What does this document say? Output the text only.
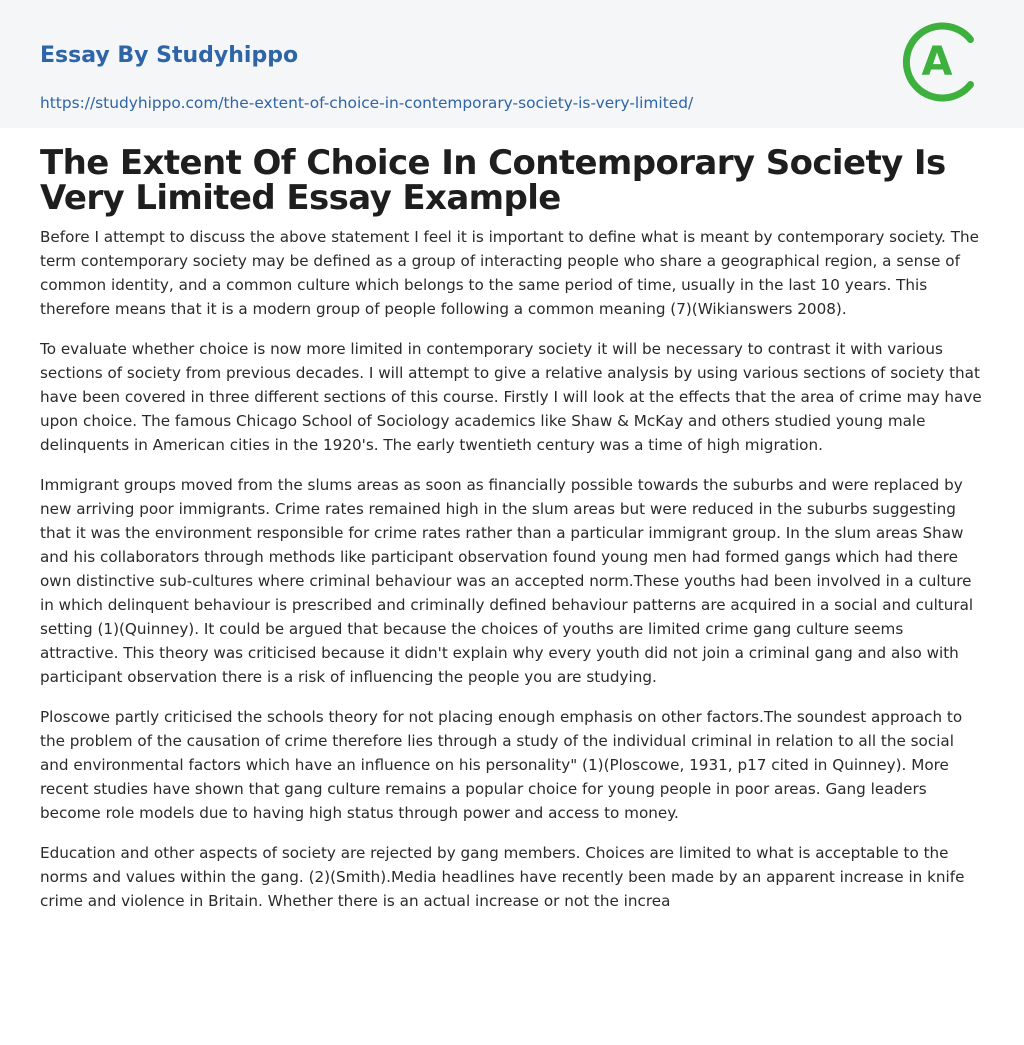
Essay By Studyhippo
https://studyhippo.com/the-extent-of-choice-in-contemporary-society-is-very-limited/
A
The Extent Of Choice In Contemporary Society Is Very Limited Essay Example

Before I attempt to discuss the above statement I feel it is important to define what is meant by contemporary society. The term contemporary society may be defined as a group of interacting people who share a geographical region, a sense of common identity, and a common culture which belongs to the same period of time, usually in the last 10 years. This therefore means that it is a modern group of people following a common meaning (7)(Wikianswers 2008).

To evaluate whether choice is now more limited in contemporary society it will be necessary to contrast it with various sections of society from previous decades. I will attempt to give a relative analysis by using various sections of society that have been covered in three different sections of this course. Firstly I will look at the effects that the area of crime may have upon choice. The famous Chicago School of Sociology academics like Shaw & McKay and others studied young male delinquents in American cities in the 1920's. The early twentieth century was a time of high migration.

Immigrant groups moved from the slums areas as soon as financially possible towards the suburbs and were replaced by new arriving poor immigrants. Crime rates remained high in the slum areas but were reduced in the suburbs suggesting that it was the environment responsible for crime rates rather than a particular immigrant group. In the slum areas Shaw and his collaborators through methods like participant observation found young men had formed gangs which had there own distinctive sub-cultures where criminal behaviour was an accepted norm.These youths had been involved in a culture in which delinquent behaviour is prescribed and criminally defined behaviour patterns are acquired in a social and cultural setting (1)(Quinney). It could be argued that because the choices of youths are limited crime gang culture seems attractive. This theory was criticised because it didn't explain why every youth did not join a criminal gang and also with participant observation there is a risk of influencing the people you are studying.

Ploscowe partly criticised the schools theory for not placing enough emphasis on other factors.The soundest approach to the problem of the causation of crime therefore lies through a study of the individual criminal in relation to all the social and environmental factors which have an influence on his personality" (1)(Ploscowe, 1931, p17 cited in Quinney). More recent studies have shown that gang culture remains a popular choice for young people in poor areas. Gang leaders become role models due to having high status through power and access to money.

Education and other aspects of society are rejected by gang members. Choices are limited to what is acceptable to the norms and values within the gang. (2)(Smith).Media headlines have recently been made by an apparent increase in knife crime and violence in Britain. Whether there is an actual increase or not the increa
